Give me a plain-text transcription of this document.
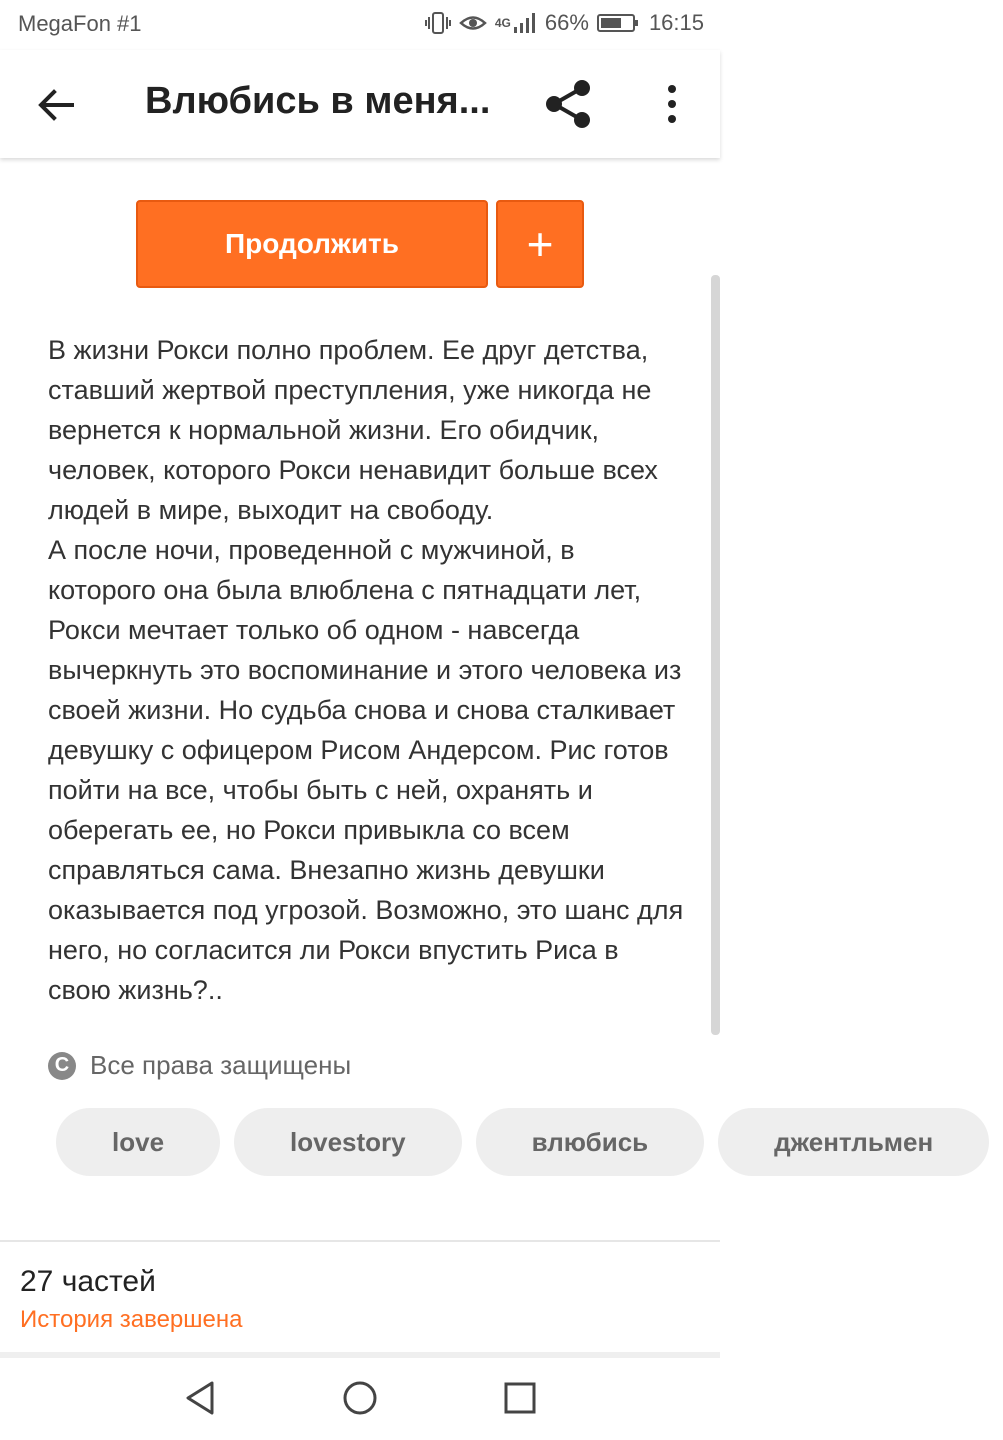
MegaFon #1	4G 66%	16:15
Влюбись в меня...
Продолжить	+

В жизни Рокси полно проблем. Ее друг детства, ставший жертвой преступления, уже никогда не вернется к нормальной жизни. Его обидчик, человек, которого Рокси ненавидит больше всех людей в мире, выходит на свободу.

А после ночи, проведенной с мужчиной, в которого она была влюблена с пятнадцати лет, Рокси мечтает только об одном - навсегда вычеркнуть это воспоминание и этого человека из своей жизни. Но судьба снова и снова сталкивает девушку с офицером Рисом Андерсом. Рис готов пойти на все, чтобы быть с ней, охранять и оберегать ее, но Рокси привыкла со всем справляться сама. Внезапно жизнь девушки оказывается под угрозой. Возможно, это шанс для него, но согласится ли Рокси впустить Риса в свою жизнь?..

C Все права защищены
love	lovestory	влюбись	джентльмен
27 частей
История завершена
